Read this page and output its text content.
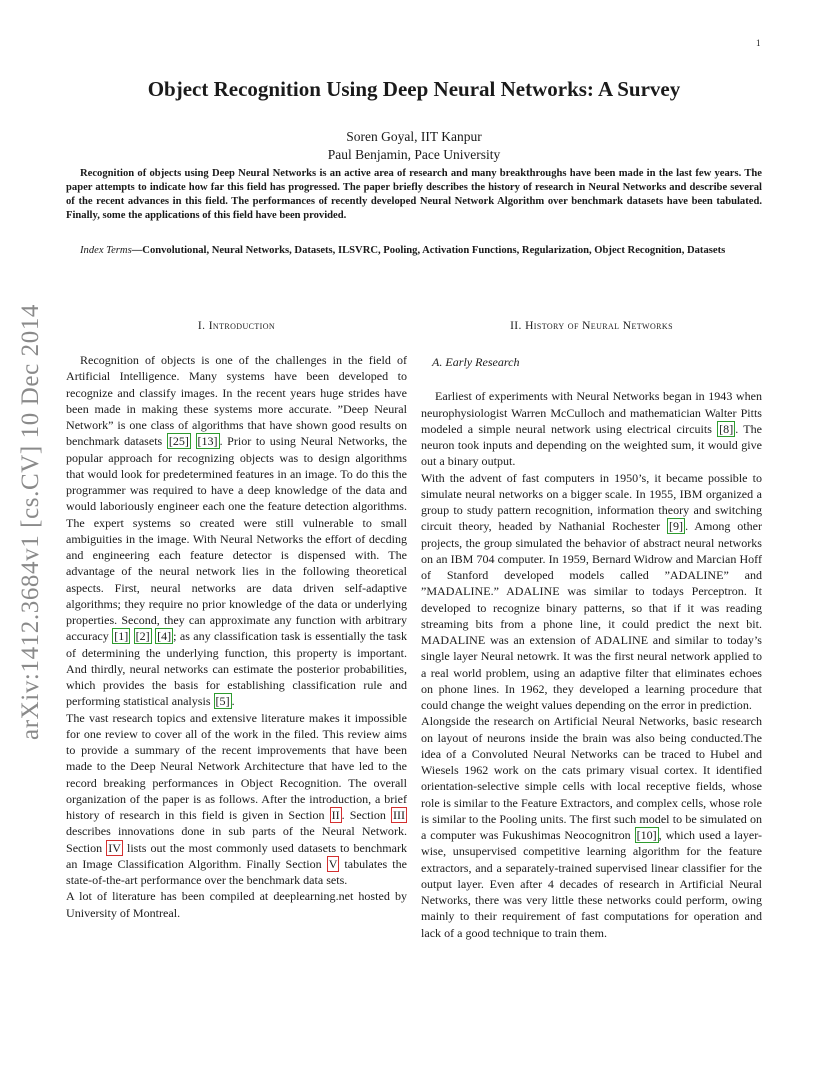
1
arXiv:1412.3684v1 [cs.CV] 10 Dec 2014
Object Recognition Using Deep Neural Networks: A Survey
Soren Goyal, IIT Kanpur
Paul Benjamin, Pace University

Recognition of objects using Deep Neural Networks is an active area of research and many breakthroughs have been made in the last few years. The paper attempts to indicate how far this field has progressed. The paper briefly describes the history of research in Neural Networks and describe several of the recent advances in this field. The performances of recently developed Neural Network Algorithm over benchmark datasets have been tabulated. Finally, some the applications of this field have been provided.

Index Terms—Convolutional, Neural Networks, Datasets, ILSVRC, Pooling, Activation Functions, Regularization, Object Recognition, Datasets

I. Introduction

Recognition of objects is one of the challenges in the field of Artificial Intelligence. Many systems have been developed to recognize and classify images. In the recent years huge strides have been made in making these systems more accurate. ”Deep Neural Network” is one class of algorithms that have shown good results on benchmark datasets [25] [13] . Prior to using Neural Networks, the popular approach for recognizing objects was to design algorithms that would look for predetermined features in an image. To do this the programmer was required to have a deep knowledge of the data and would laboriously engineer each one the feature detection algorithms. The expert systems so created were still vulnerable to small ambiguities in the image. With Neural Networks the effort of decding and engineering each feature detector is dispensed with. The advantage of the neural network lies in the following theoretical aspects. First, neural networks are data driven self-adaptive algorithms; they require no prior knowledge of the data or underlying properties. Second, they can approximate any function with arbitrary accuracy [1] [2] [4] ; as any classification task is essentially the task of determining the underlying function, this property is important. And thirdly, neural networks can estimate the posterior probabilities, which provides the basis for establishing classification rule and performing statistical analysis [5] .

The vast research topics and extensive literature makes it impossible for one review to cover all of the work in the filed. This review aims to provide a summary of the recent improvements that have been made to the Deep Neural Network Architecture that have led to the record breaking performances in Object Recognition. The overall organization of the paper is as follows. After the introduction, a brief history of research in this field is given in Section II . Section III describes innovations done in sub parts of the Neural Network. Section IV lists out the most commonly used datasets to benchmark an Image Classification Algorithm. Finally Section V tabulates the state-of-the-art performance over the benchmark data sets.

A lot of literature has been compiled at deeplearning.net hosted by University of Montreal.

II. History of Neural Networks
A. Early Research

Earliest of experiments with Neural Networks began in 1943 when neurophysiologist Warren McCulloch and mathematician Walter Pitts modeled a simple neural network using electrical circuits [8] . The neuron took inputs and depending on the weighted sum, it would give out a binary output.

With the advent of fast computers in 1950’s, it became possible to simulate neural networks on a bigger scale. In 1955, IBM organized a group to study pattern recognition, information theory and switching circuit theory, headed by Nathanial Rochester [9] . Among other projects, the group simulated the behavior of abstract neural networks on an IBM 704 computer. In 1959, Bernard Widrow and Marcian Hoff of Stanford developed models called ”ADALINE” and ”MADALINE.” ADALINE was similar to todays Perceptron. It developed to recognize binary patterns, so that if it was reading streaming bits from a phone line, it could predict the next bit. MADALINE was an extension of ADALINE and similar to today’s single layer Neural netowrk. It was the first neural network applied to a real world problem, using an adaptive filter that eliminates echoes on phone lines. In 1962, they developed a learning procedure that could change the weight values depending on the error in prediction.

Alongside the research on Artificial Neural Networks, basic research on layout of neurons inside the brain was also being conducted.The idea of a Convoluted Neural Networks can be traced to Hubel and Wiesels 1962 work on the cats primary visual cortex. It identified orientation-selective simple cells with local receptive fields, whose role is similar to the Feature Extractors, and complex cells, whose role is similar to the Pooling units. The first such model to be simulated on a computer was Fukushimas Neocognitron [10] , which used a layer-wise, unsupervised competitive learning algorithm for the feature extractors, and a separately-trained supervised linear classifier for the output layer. Even after 4 decades of research in Artificial Neural Networks, there was very little these networks could perform, owing mainly to their requirement of fast computations for operation and lack of a good technique to train them.
